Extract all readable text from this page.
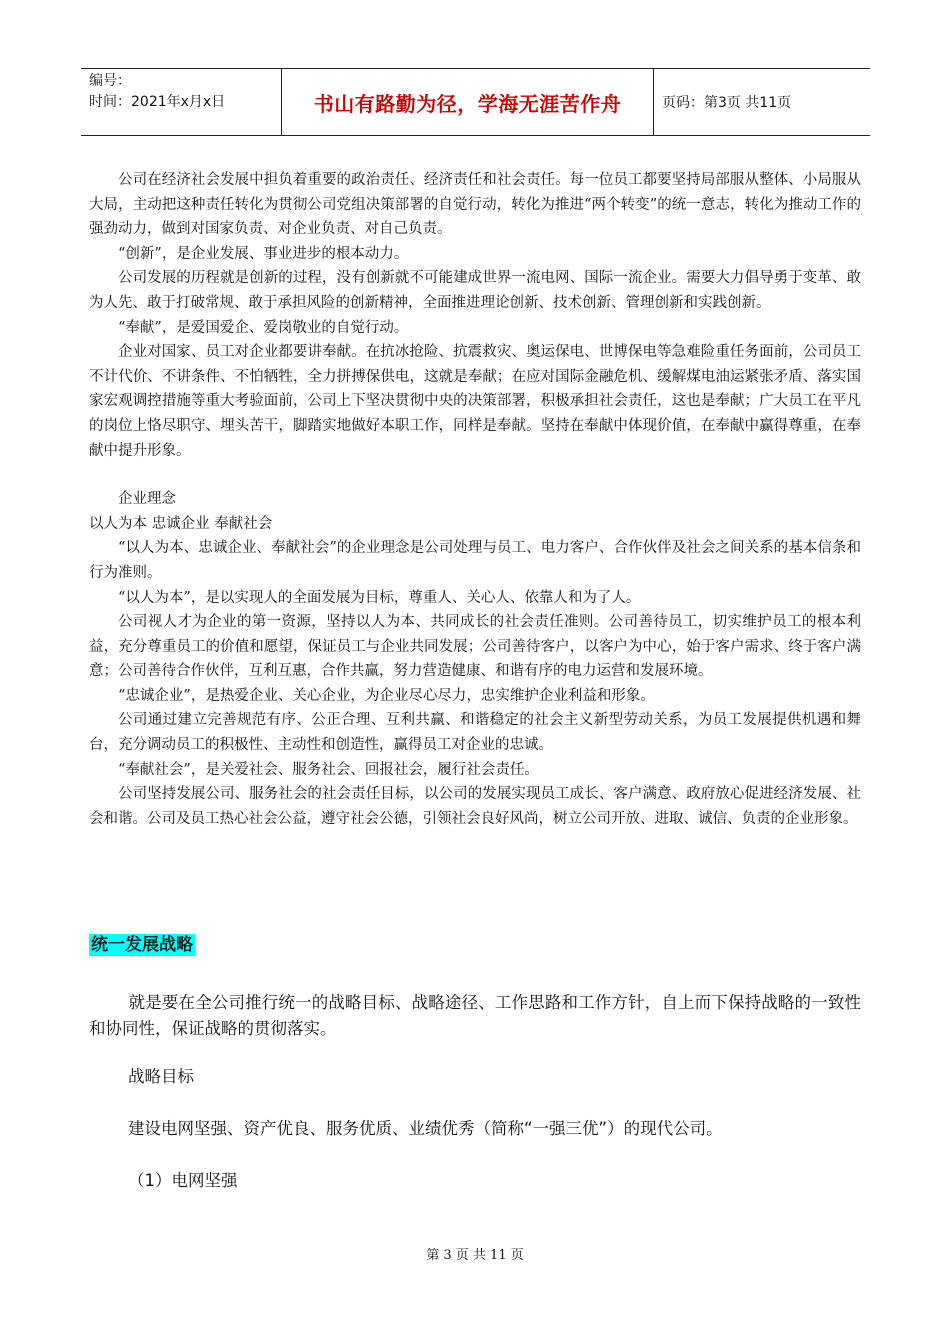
编号：
时间：2021年x月x日	书山有路勤为径，学海无涯苦作舟	页码：第3页 共11页

公司在经济社会发展中担负着重要的政治责任、经济责任和社会责任。每一位员工都要坚持局部服从整体、小局服从大局，主动把这种责任转化为贯彻公司党组决策部署的自觉行动，转化为推进“两个转变”的统一意志，转化为推动工作的强劲动力，做到对国家负责、对企业负责、对自己负责。

“创新”，是企业发展、事业进步的根本动力。

公司发展的历程就是创新的过程，没有创新就不可能建成世界一流电网、国际一流企业。需要大力倡导勇于变革、敢为人先、敢于打破常规、敢于承担风险的创新精神，全面推进理论创新、技术创新、管理创新和实践创新。

“奉献”，是爱国爱企、爱岗敬业的自觉行动。

企业对国家、员工对企业都要讲奉献。在抗冰抢险、抗震救灾、奥运保电、世博保电等急难险重任务面前，公司员工不计代价、不讲条件、不怕牺牲，全力拼搏保供电，这就是奉献；在应对国际金融危机、缓解煤电油运紧张矛盾、落实国家宏观调控措施等重大考验面前，公司上下坚决贯彻中央的决策部署，积极承担社会责任，这也是奉献；广大员工在平凡的岗位上恪尽职守、埋头苦干，脚踏实地做好本职工作，同样是奉献。坚持在奉献中体现价值，在奉献中赢得尊重，在奉献中提升形象。

企业理念

以人为本 忠诚企业 奉献社会

“以人为本、忠诚企业、奉献社会”的企业理念是公司处理与员工、电力客户、合作伙伴及社会之间关系的基本信条和行为准则。

“以人为本”，是以实现人的全面发展为目标，尊重人、关心人、依靠人和为了人。

公司视人才为企业的第一资源，坚持以人为本、共同成长的社会责任准则。公司善待员工，切实维护员工的根本利益，充分尊重员工的价值和愿望，保证员工与企业共同发展；公司善待客户，以客户为中心，始于客户需求、终于客户满意；公司善待合作伙伴，互利互惠，合作共赢，努力营造健康、和谐有序的电力运营和发展环境。

“忠诚企业”，是热爱企业、关心企业，为企业尽心尽力，忠实维护企业利益和形象。

公司通过建立完善规范有序、公正合理、互利共赢、和谐稳定的社会主义新型劳动关系，为员工发展提供机遇和舞台，充分调动员工的积极性、主动性和创造性，赢得员工对企业的忠诚。

“奉献社会”，是关爱社会、服务社会、回报社会，履行社会责任。

公司坚持发展公司、服务社会的社会责任目标，以公司的发展实现员工成长、客户满意、政府放心促进经济发展、社会和谐。公司及员工热心社会公益，遵守社会公德，引领社会良好风尚，树立公司开放、进取、诚信、负责的企业形象。

统一发展战略

就是要在全公司推行统一的战略目标、战略途径、工作思路和工作方针，自上而下保持战略的一致性和协同性，保证战略的贯彻落实。

战略目标
建设电网坚强、资产优良、服务优质、业绩优秀（简称“一强三优”）的现代公司。
（1）电网坚强
第 3 页 共 11 页
